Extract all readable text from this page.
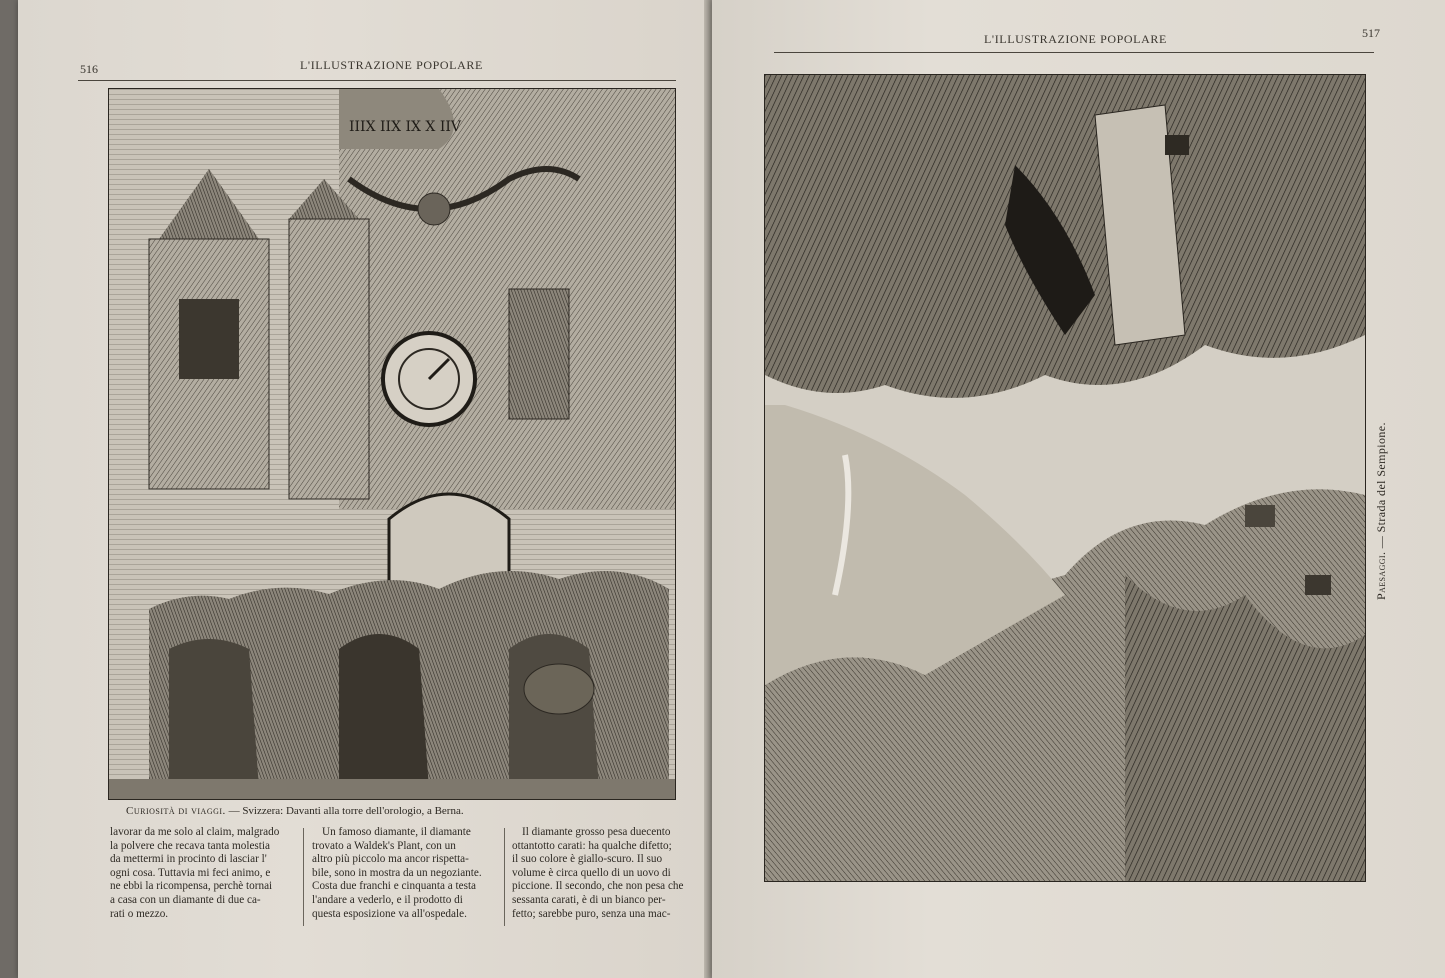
516	L'ILLUSTRAZIONE POPOLARE
IIIX IIX IX X IIV
Curiosità di viaggi. — Svizzera: Davanti alla torre dell'orologio, a Berna.
lavorar da me solo al claim, malgrado
la polvere che recava tanta molestia
da mettermi in procinto di lasciar l'
ogni cosa. Tuttavia mi feci animo, e
ne ebbi la ricompensa, perchè tornai
a casa con un diamante di due ca-
rati o mezzo.
Un famoso diamante, il diamante
trovato a Waldek's Plant, con un
altro più piccolo ma ancor rispetta-
bile, sono in mostra da un negoziante.
Costa due franchi e cinquanta a testa
l'andare a vederlo, e il prodotto di
questa esposizione va all'ospedale.
Il diamante grosso pesa duecento
ottantotto carati: ha qualche difetto;
il suo colore è giallo-scuro. Il suo
volume è circa quello di un uovo di
piccione. Il secondo, che non pesa che
sessanta carati, è di un bianco per-
fetto; sarebbe puro, senza una mac-
L'ILLUSTRAZIONE POPOLARE	517
Paesaggi. — Strada del Sempione.
